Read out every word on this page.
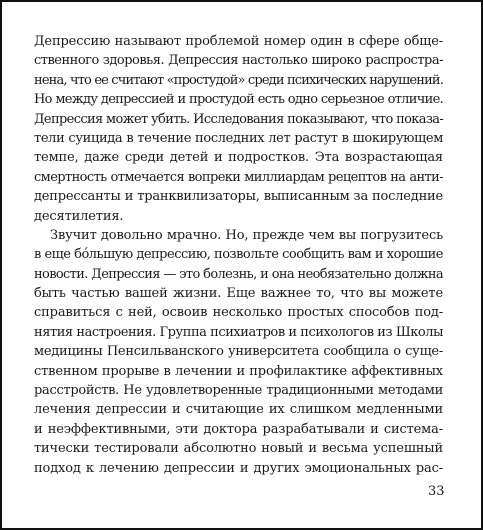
Депрессию называют проблемой номер один в сфере обще-
ственного здоровья. Депрессия настолько широко распростра-
нена, что ее считают «простудой» среди психических нарушений.
Но между депрессией и простудой есть одно серьезное отличие.
Депрессия может убить. Исследования показывают, что показа-
тели суицида в течение последних лет растут в шокирующем
темпе, даже среди детей и подростков. Эта возрастающая
смертность отмечается вопреки миллиардам рецептов на анти-
депрессанты и транквилизаторы, выписанным за последние
десятилетия.
Звучит довольно мрачно. Но, прежде чем вы погрузитесь
в еще бóльшую депрессию, позвольте сообщить вам и хорошие
новости. Депрессия — это болезнь, и она необязательно должна
быть частью вашей жизни. Еще важнее то, что вы можете
справиться с ней, освоив несколько простых способов под-
нятия настроения. Группа психиатров и психологов из Школы
медицины Пенсильванского университета сообщила о суще-
ственном прорыве в лечении и профилактике аффективных
расстройств. Не удовлетворенные традиционными методами
лечения депрессии и считающие их слишком медленными
и неэффективными, эти доктора разрабатывали и система-
тически тестировали абсолютно новый и весьма успешный
подход к лечению депрессии и других эмоциональных рас-
33
